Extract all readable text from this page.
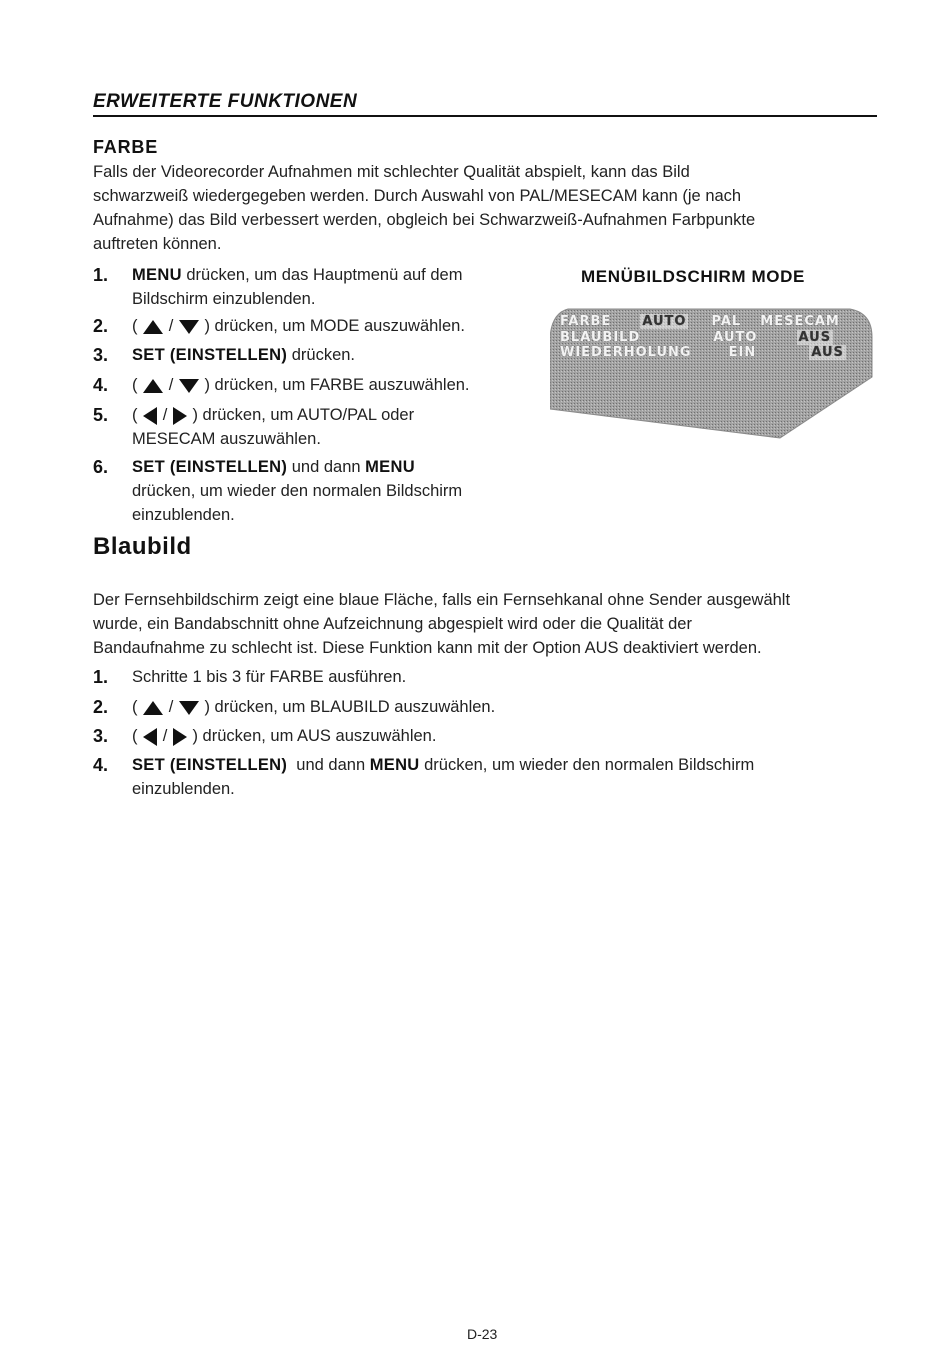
ERWEITERTE FUNKTIONEN
FARBE
Falls der Videorecorder Aufnahmen mit schlechter Qualität abspielt, kann das Bild
schwarzweiß wiedergegeben werden. Durch Auswahl von PAL/MESECAM kann (je nach
Aufnahme) das Bild verbessert werden, obgleich bei Schwarzweiß-Aufnahmen Farbpunkte
auftreten können.
1. MENU drücken, um das Hauptmenü auf dem
Bildschirm einzublenden.
2. ( / ) drücken, um MODE auszuwählen.
3. SET (EINSTELLEN) drücken.
4. ( / ) drücken, um FARBE auszuwählen.
5. ( / ) drücken, um AUTO/PAL oder
MESECAM auszuwählen.
6. SET (EINSTELLEN) und dann MENU
drücken, um wieder den normalen Bildschirm
einzublenden.
MENÜBILDSCHIRM MODE
FARBE AUTO PAL MESECAM
BLAUBILD	AUTO	AUS
WIEDERHOLUNG	EIN	AUS
Blaubild
Der Fernsehbildschirm zeigt eine blaue Fläche, falls ein Fernsehkanal ohne Sender ausgewählt
wurde, ein Bandabschnitt ohne Aufzeichnung abgespielt wird oder die Qualität der
Bandaufnahme zu schlecht ist. Diese Funktion kann mit der Option AUS deaktiviert werden.
1. Schritte 1 bis 3 für FARBE ausführen.
2. ( / ) drücken, um BLAUBILD auszuwählen.
3. ( / ) drücken, um AUS auszuwählen.
4. SET (EINSTELLEN)  und dann MENU drücken, um wieder den normalen Bildschirm
einzublenden.
D-23
